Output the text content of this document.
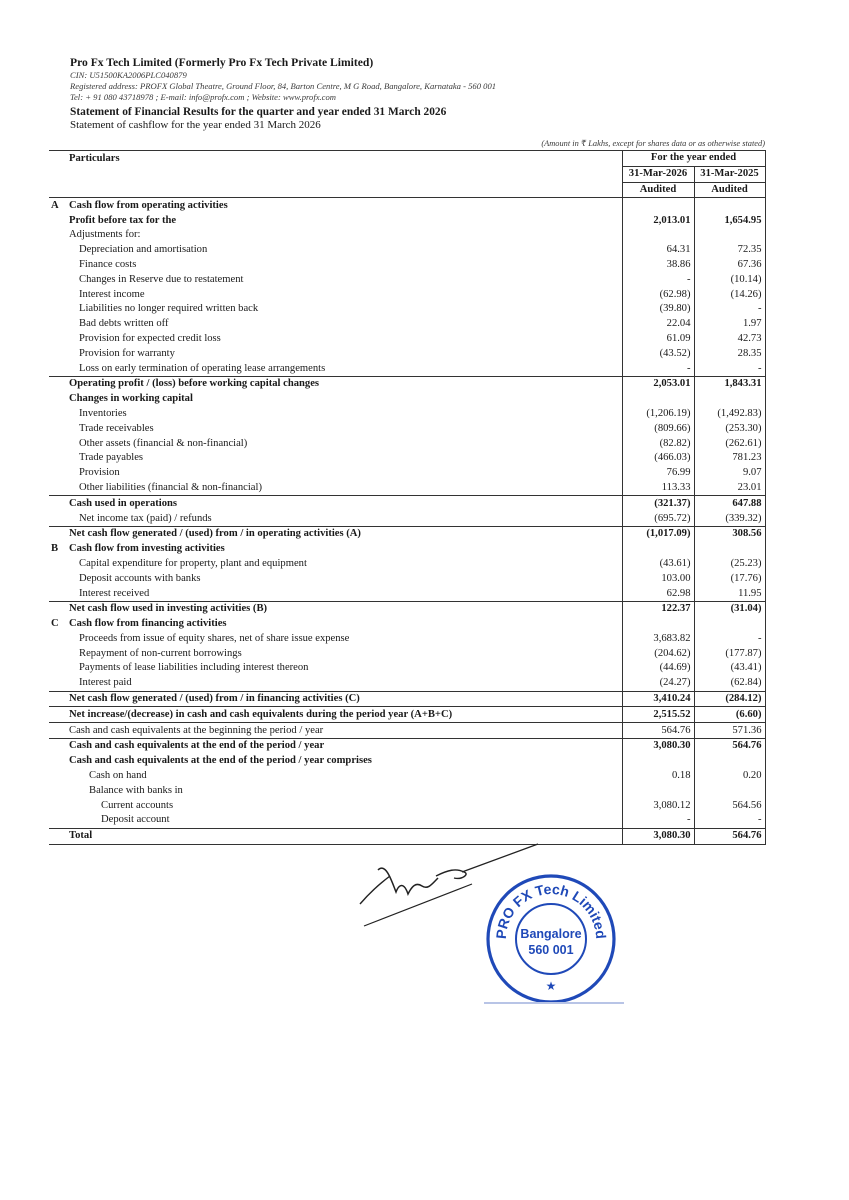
Pro Fx Tech Limited (Formerly Pro Fx Tech Private Limited)
CIN: U51500KA2006PLC040879
Registered address: PROFX Global Theatre, Ground Floor, 84, Barton Centre, M G Road, Bangalore, Karnataka - 560 001
Tel: + 91 080 43718978 ; E-mail: info@profx.com ; Website: www.profx.com
Statement of Financial Results for the quarter and year ended 31 March 2026
Statement of cashflow for the year ended 31 March 2026
(Amount in ₹ Lakhs, except for shares data or as otherwise stated)
	Particulars	For the year ended	
		31-Mar-2026	31-Mar-2025
		Audited	Audited
A	Cash flow from operating activities		
	Profit before tax for the	2,013.01	1,654.95
	Adjustments for:		
	Depreciation and amortisation	64.31	72.35
	Finance costs	38.86	67.36
	Changes in Reserve due to restatement	-	(10.14)
	Interest income	(62.98)	(14.26)
	Liabilities no longer required written back	(39.80)	-
	Bad debts written off	22.04	1.97
	Provision for expected credit loss	61.09	42.73
	Provision for warranty	(43.52)	28.35
	Loss on early termination of operating lease arrangements	-	-
	Operating profit / (loss) before working capital changes	2,053.01	1,843.31
	Changes in working capital		
	Inventories	(1,206.19)	(1,492.83)
	Trade receivables	(809.66)	(253.30)
	Other assets (financial & non-financial)	(82.82)	(262.61)
	Trade payables	(466.03)	781.23
	Provision	76.99	9.07
	Other liabilities (financial & non-financial)	113.33	23.01
	Cash used in operations	(321.37)	647.88
	Net income tax (paid) / refunds	(695.72)	(339.32)
	Net cash flow generated / (used) from / in operating activities (A)	(1,017.09)	308.56
B	Cash flow from investing activities		
	Capital expenditure for property, plant and equipment	(43.61)	(25.23)
	Deposit accounts with banks	103.00	(17.76)
	Interest received	62.98	11.95
	Net cash flow used in investing activities (B)	122.37	(31.04)
C	Cash flow from financing activities		
	Proceeds from issue of equity shares, net of share issue expense	3,683.82	-
	Repayment of non-current borrowings	(204.62)	(177.87)
	Payments of lease liabilities including interest thereon	(44.69)	(43.41)
	Interest paid	(24.27)	(62.84)
	Net cash flow generated / (used) from / in financing activities (C)	3,410.24	(284.12)
	Net increase/(decrease) in cash and cash equivalents during the period year (A+B+C)	2,515.52	(6.60)
	Cash and cash equivalents at the beginning the period / year	564.76	571.36
	Cash and cash equivalents at the end of the period / year	3,080.30	564.76
	Cash and cash equivalents at the end of the period / year comprises		
	Cash on hand	0.18	0.20
	Balance with banks in		
	Current accounts	3,080.12	564.56
	Deposit account	-	-
	Total	3,080.30	564.76
PRO FX Tech Limited
Bangalore
560 001
★
